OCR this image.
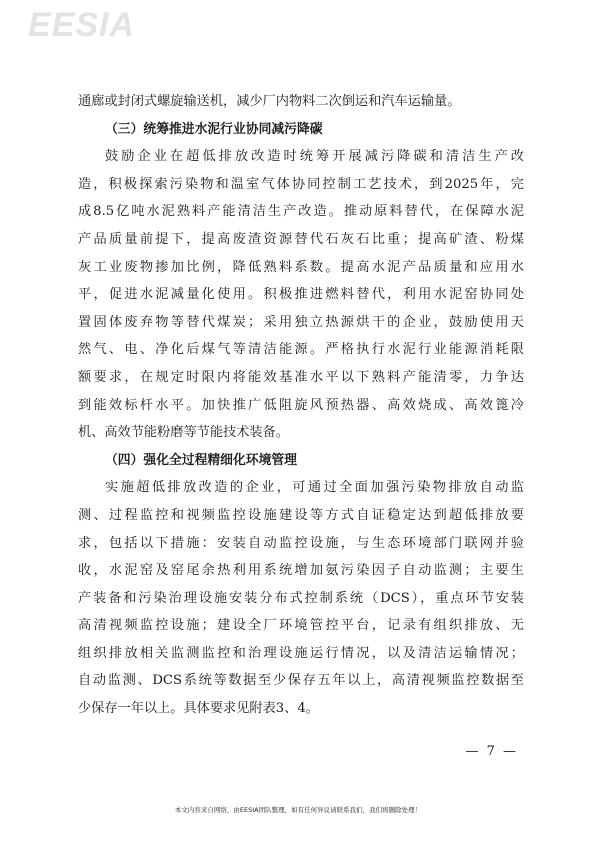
EESIA
通廊或封闭式螺旋输送机，减少厂内物料二次倒运和汽车运输量。
（三）统筹推进水泥行业协同减污降碳
鼓励企业在超低排放改造时统筹开展减污降碳和清洁生产改
造，积极探索污染物和温室气体协同控制工艺技术，到2025年，完
成8.5亿吨水泥熟料产能清洁生产改造。推动原料替代，在保障水泥
产品质量前提下，提高废渣资源替代石灰石比重；提高矿渣、粉煤
灰工业废物掺加比例，降低熟料系数。提高水泥产品质量和应用水
平，促进水泥减量化使用。积极推进燃料替代，利用水泥窑协同处
置固体废弃物等替代煤炭；采用独立热源烘干的企业，鼓励使用天
然气、电、净化后煤气等清洁能源。严格执行水泥行业能源消耗限
额要求，在规定时限内将能效基准水平以下熟料产能清零，力争达
到能效标杆水平。加快推广低阻旋风预热器、高效烧成、高效篦冷
机、高效节能粉磨等节能技术装备。
（四）强化全过程精细化环境管理
实施超低排放改造的企业，可通过全面加强污染物排放自动监
测、过程监控和视频监控设施建设等方式自证稳定达到超低排放要
求，包括以下措施：安装自动监控设施，与生态环境部门联网并验
收，水泥窑及窑尾余热利用系统增加氨污染因子自动监测；主要生
产装备和污染治理设施安装分布式控制系统（DCS），重点环节安装
高清视频监控设施；建设全厂环境管控平台，记录有组织排放、无
组织排放相关监测监控和治理设施运行情况，以及清洁运输情况；
自动监测、DCS系统等数据至少保存五年以上，高清视频监控数据至
少保存一年以上。具体要求见附表3、4。
— 7 —
本文内容来自网络，由EESIA团队整理，如有任何异议请联系我们，我们将删除处理！
